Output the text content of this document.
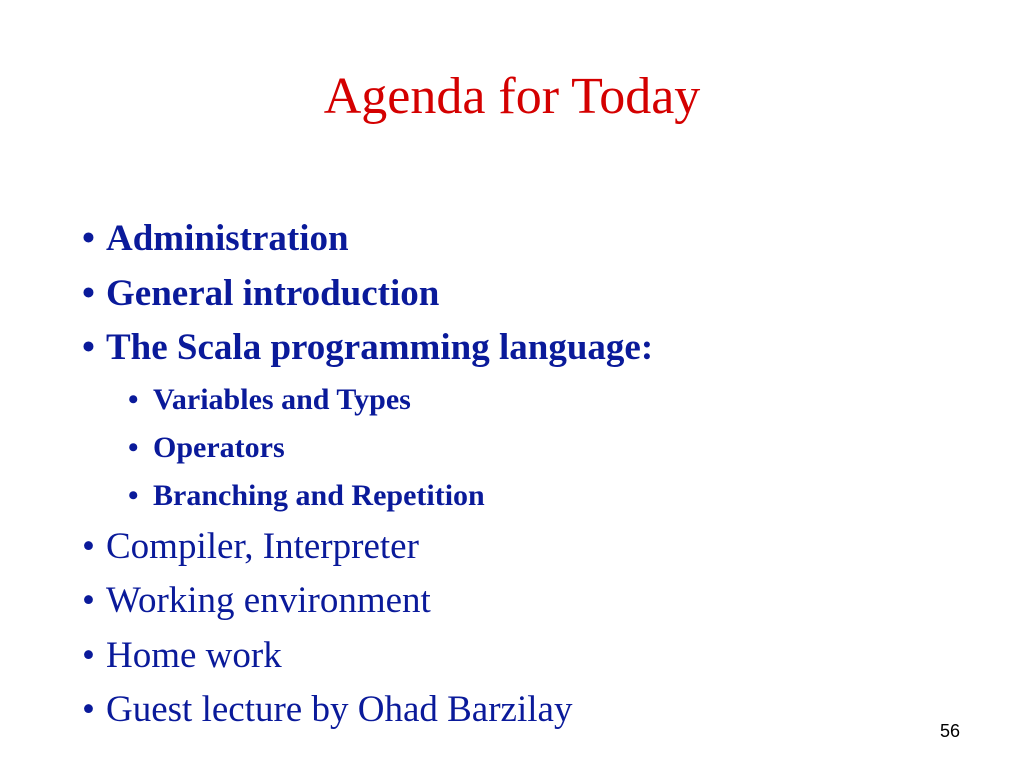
Agenda for Today
• Administration
• General introduction
• The Scala programming language:
• Variables and Types
• Operators
• Branching and Repetition
• Compiler, Interpreter
• Working environment
• Home work
• Guest lecture by Ohad Barzilay
56
